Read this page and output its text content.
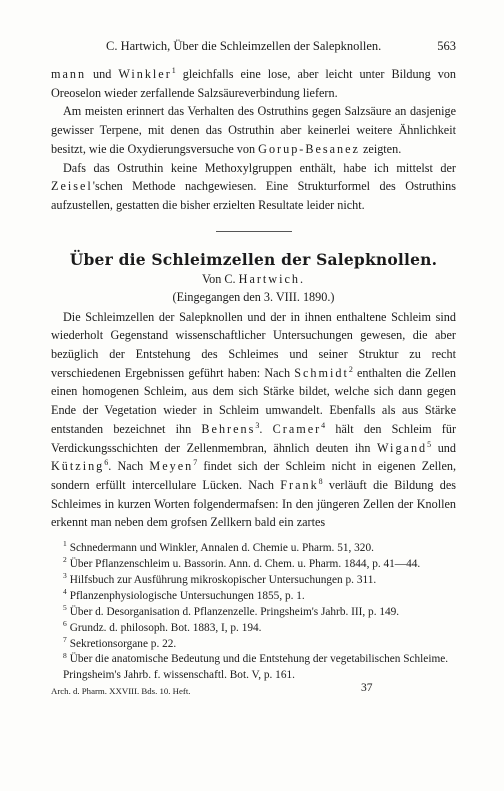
C. Hartwich, Über die Schleimzellen der Salepknollen.	563

mann und Winkler$^1$ gleichfalls eine lose, aber leicht unter Bildung von Oreoselon wieder zerfallende Salzsäureverbindung liefern.

Am meisten erinnert das Verhalten des Ostruthins gegen Salzsäure an dasjenige gewisser Terpene, mit denen das Ostruthin aber keinerlei weitere Ähnlichkeit besitzt, wie die Oxydierungsversuche von Gorup-Besanez zeigten.

Dafs das Ostruthin keine Methoxylgruppen enthält, habe ich mittelst der Zeisel'schen Methode nachgewiesen. Eine Strukturformel des Ostruthins aufzustellen, gestatten die bisher erzielten Resultate leider nicht.

Über die Schleimzellen der Salepknollen.
Von C. Hartwich.
(Eingegangen den 3. VIII. 1890.)

Die Schleimzellen der Salepknollen und der in ihnen enthaltene Schleim sind wiederholt Gegenstand wissenschaftlicher Untersuchungen gewesen, die aber bezüglich der Entstehung des Schleimes und seiner Struktur zu recht verschiedenen Ergebnissen geführt haben: Nach Schmidt$^2$ enthalten die Zellen einen homogenen Schleim, aus dem sich Stärke bildet, welche sich dann gegen Ende der Vegetation wieder in Schleim umwandelt. Ebenfalls als aus Stärke entstanden bezeichnet ihn Behrens$^3$. Cramer$^4$ hält den Schleim für Verdickungsschichten der Zellenmembran, ähnlich deuten ihn Wigand$^5$ und Kützing$^6$. Nach Meyen$^7$ findet sich der Schleim nicht in eigenen Zellen, sondern erfüllt intercellulare Lücken. Nach Frank$^8$ verläuft die Bildung des Schleimes in kurzen Worten folgendermafsen: In den jüngeren Zellen der Knollen erkennt man neben dem grofsen Zellkern bald ein zartes

$^1$ Schnedermann und Winkler, Annalen d. Chemie u. Pharm. 51, 320.

$^2$ Über Pflanzenschleim u. Bassorin. Ann. d. Chem. u. Pharm. 1844, p. 41—44.

$^3$ Hilfsbuch zur Ausführung mikroskopischer Untersuchungen p. 311.

$^4$ Pflanzenphysiologische Untersuchungen 1855, p. 1.

$^5$ Über d. Desorganisation d. Pflanzenzelle. Pringsheim's Jahrb. III, p. 149.

$^6$ Grundz. d. philosoph. Bot. 1883, I, p. 194.

$^7$ Sekretionsorgane p. 22.

$^8$ Über die anatomische Bedeutung und die Entstehung der vegetabilischen Schleime. Pringsheim's Jahrb. f. wissenschaftl. Bot. V, p. 161.

Arch. d. Pharm. XXVIII. Bds. 10. Heft.	37
